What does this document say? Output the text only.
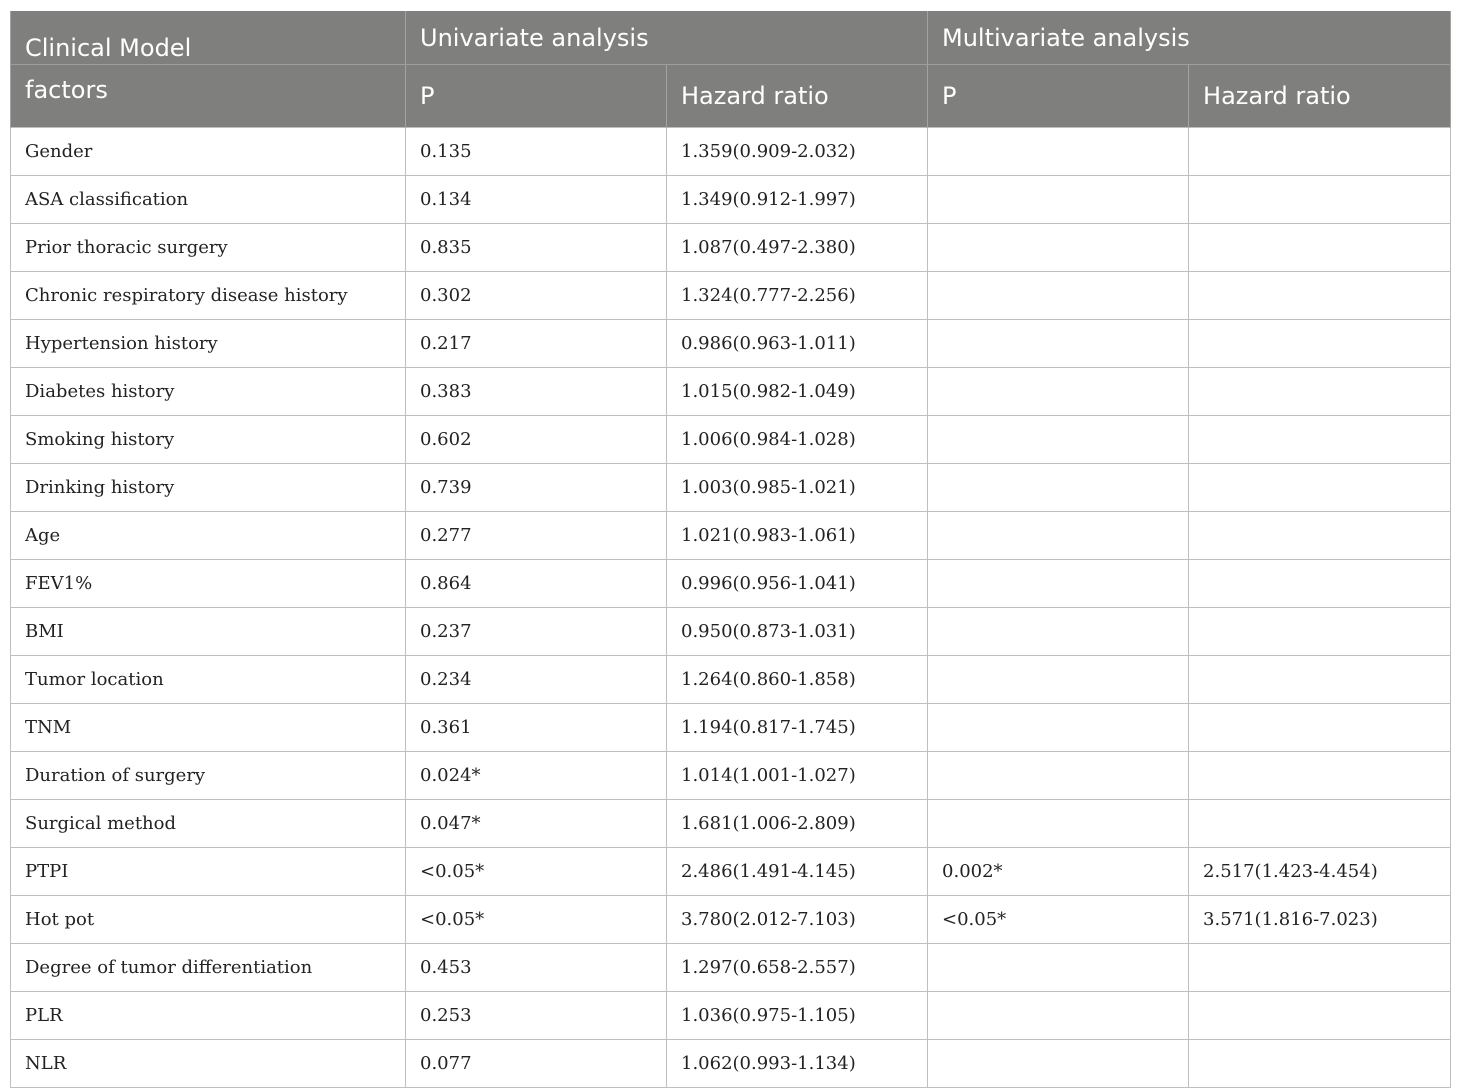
Clinical Model	Univariate analysis		Multivariate analysis	
factors	P	Hazard ratio	P	Hazard ratio
Gender	0.135	1.359(0.909-2.032)		
ASA classification	0.134	1.349(0.912-1.997)		
Prior thoracic surgery	0.835	1.087(0.497-2.380)		
Chronic respiratory disease history	0.302	1.324(0.777-2.256)		
Hypertension history	0.217	0.986(0.963-1.011)		
Diabetes history	0.383	1.015(0.982-1.049)		
Smoking history	0.602	1.006(0.984-1.028)		
Drinking history	0.739	1.003(0.985-1.021)		
Age	0.277	1.021(0.983-1.061)		
FEV1%	0.864	0.996(0.956-1.041)		
BMI	0.237	0.950(0.873-1.031)		
Tumor location	0.234	1.264(0.860-1.858)		
TNM	0.361	1.194(0.817-1.745)		
Duration of surgery	0.024*	1.014(1.001-1.027)		
Surgical method	0.047*	1.681(1.006-2.809)		
PTPI	<0.05*	2.486(1.491-4.145)	0.002*	2.517(1.423-4.454)
Hot pot	<0.05*	3.780(2.012-7.103)	<0.05*	3.571(1.816-7.023)
Degree of tumor differentiation	0.453	1.297(0.658-2.557)		
PLR	0.253	1.036(0.975-1.105)		
NLR	0.077	1.062(0.993-1.134)		
